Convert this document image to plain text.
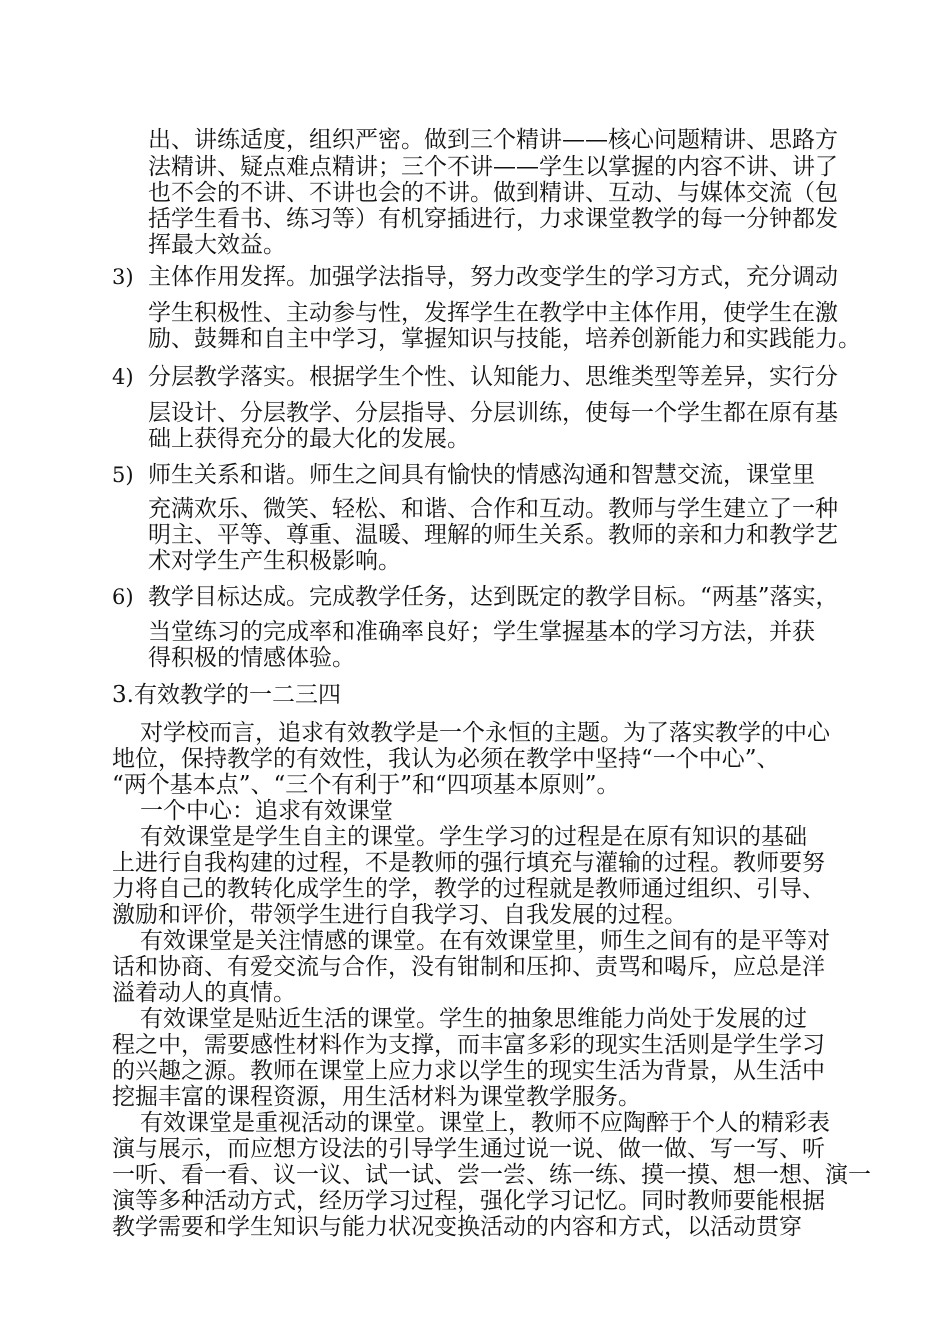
出、讲练适度，组织严密。做到三个精讲——核心问题精讲、思路方
法精讲、疑点难点精讲；三个不讲——学生以掌握的内容不讲、讲了
也不会的不讲、不讲也会的不讲。做到精讲、互动、与媒体交流（包
括学生看书、练习等）有机穿插进行，力求课堂教学的每一分钟都发
挥最大效益。
3) 主体作用发挥。加强学法指导，努力改变学生的学习方式，充分调动
学生积极性、主动参与性，发挥学生在教学中主体作用，使学生在激
励、鼓舞和自主中学习，掌握知识与技能，培养创新能力和实践能力。
4) 分层教学落实。根据学生个性、认知能力、思维类型等差异，实行分
层设计、分层教学、分层指导、分层训练，使每一个学生都在原有基
础上获得充分的最大化的发展。
5) 师生关系和谐。师生之间具有愉快的情感沟通和智慧交流，课堂里
充满欢乐、微笑、轻松、和谐、合作和互动。教师与学生建立了一种
明主、平等、尊重、温暖、理解的师生关系。教师的亲和力和教学艺
术对学生产生积极影响。
6) 教学目标达成。完成教学任务，达到既定的教学目标。“两基”落实，
当堂练习的完成率和准确率良好；学生掌握基本的学习方法，并获
得积极的情感体验。
3.有效教学的一二三四
对学校而言，追求有效教学是一个永恒的主题。为了落实教学的中心
地位，保持教学的有效性，我认为必须在教学中坚持“一个中心”、
“两个基本点”、“三个有利于”和“四项基本原则”。
一个中心：追求有效课堂
有效课堂是学生自主的课堂。学生学习的过程是在原有知识的基础
上进行自我构建的过程，不是教师的强行填充与灌输的过程。教师要努
力将自己的教转化成学生的学，教学的过程就是教师通过组织、引导、
激励和评价，带领学生进行自我学习、自我发展的过程。
有效课堂是关注情感的课堂。在有效课堂里，师生之间有的是平等对
话和协商、有爱交流与合作，没有钳制和压抑、责骂和喝斥，应总是洋
溢着动人的真情。
有效课堂是贴近生活的课堂。学生的抽象思维能力尚处于发展的过
程之中，需要感性材料作为支撑，而丰富多彩的现实生活则是学生学习
的兴趣之源。教师在课堂上应力求以学生的现实生活为背景，从生活中
挖掘丰富的课程资源，用生活材料为课堂教学服务。
有效课堂是重视活动的课堂。课堂上，教师不应陶醉于个人的精彩表
演与展示，而应想方设法的引导学生通过说一说、做一做、写一写、听
一听、看一看、议一议、试一试、尝一尝、练一练、摸一摸、想一想、演一
演等多种活动方式，经历学习过程，强化学习记忆。同时教师要能根据
教学需要和学生知识与能力状况变换活动的内容和方式，以活动贯穿
